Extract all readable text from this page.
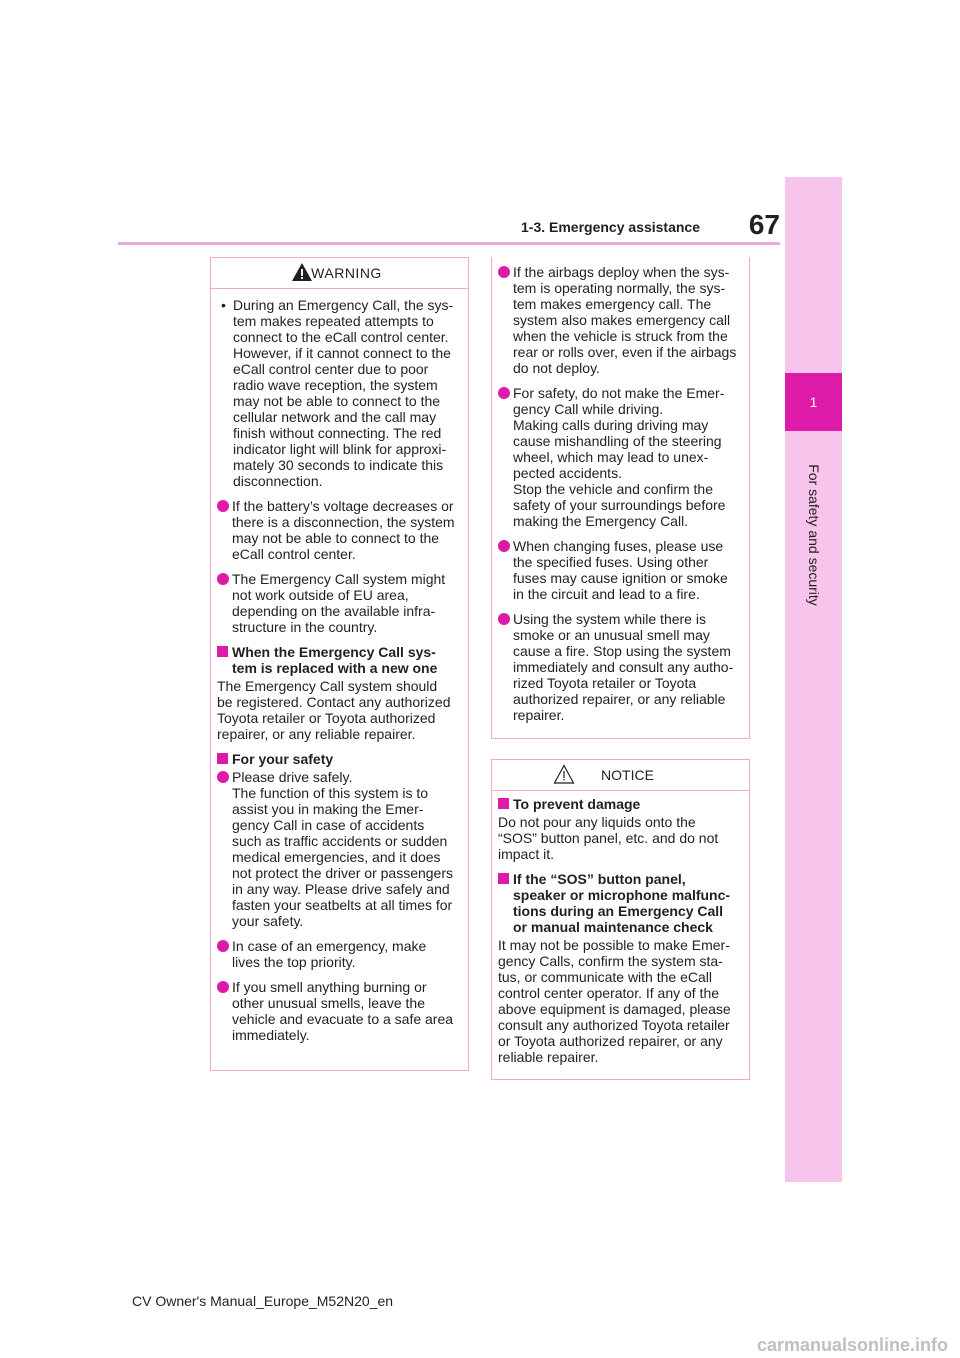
1-3. Emergency assistance	67
1
For safety and security
WARNING
• During an Emergency Call, the sys-
tem makes repeated attempts to
connect to the eCall control center.
However, if it cannot connect to the
eCall control center due to poor
radio wave reception, the system
may not be able to connect to the
cellular network and the call may
finish without connecting. The red
indicator light will blink for approxi-
mately 30 seconds to indicate this
disconnection.
If the battery’s voltage decreases or
there is a disconnection, the system
may not be able to connect to the
eCall control center.
The Emergency Call system might
not work outside of EU area,
depending on the available infra-
structure in the country.
When the Emergency Call sys-
tem is replaced with a new one
The Emergency Call system should
be registered. Contact any authorized
Toyota retailer or Toyota authorized
repairer, or any reliable repairer.
For your safety
Please drive safely.
The function of this system is to
assist you in making the Emer-
gency Call in case of accidents
such as traffic accidents or sudden
medical emergencies, and it does
not protect the driver or passengers
in any way. Please drive safely and
fasten your seatbelts at all times for
your safety.
In case of an emergency, make
lives the top priority.
If you smell anything burning or
other unusual smells, leave the
vehicle and evacuate to a safe area
immediately.
If the airbags deploy when the sys-
tem is operating normally, the sys-
tem makes emergency call. The
system also makes emergency call
when the vehicle is struck from the
rear or rolls over, even if the airbags
do not deploy.
For safety, do not make the Emer-
gency Call while driving.
Making calls during driving may
cause mishandling of the steering
wheel, which may lead to unex-
pected accidents.
Stop the vehicle and confirm the
safety of your surroundings before
making the Emergency Call.
When changing fuses, please use
the specified fuses. Using other
fuses may cause ignition or smoke
in the circuit and lead to a fire.
Using the system while there is
smoke or an unusual smell may
cause a fire. Stop using the system
immediately and consult any autho-
rized Toyota retailer or Toyota
authorized repairer, or any reliable
repairer.
NOTICE
To prevent damage
Do not pour any liquids onto the
“SOS” button panel, etc. and do not
impact it.
If the “SOS” button panel,
speaker or microphone malfunc-
tions during an Emergency Call
or manual maintenance check
It may not be possible to make Emer-
gency Calls, confirm the system sta-
tus, or communicate with the eCall
control center operator. If any of the
above equipment is damaged, please
consult any authorized Toyota retailer
or Toyota authorized repairer, or any
reliable repairer.
CV Owner's Manual_Europe_M52N20_en
carmanualsonline.info
